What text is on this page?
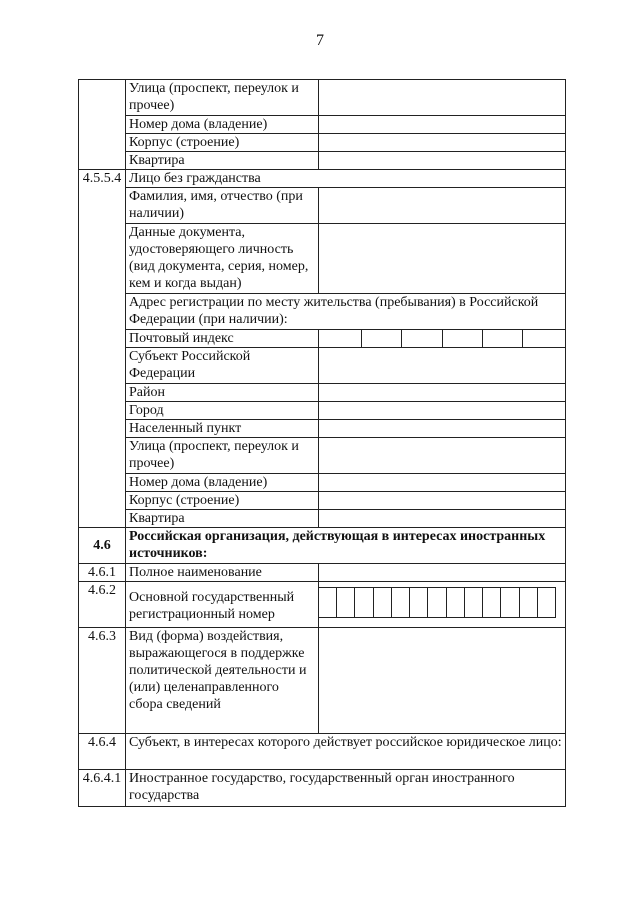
7
	Улица (проспект, переулок и прочее)	
	Номер дома (владение)	
	Корпус (строение)	
	Квартира	
4.5.5.4	Лицо без гражданства	
	Фамилия, имя, отчество (при наличии)	
	Данные документа, удостоверяющего личность (вид документа, серия, номер, кем и когда выдан)	
	Адрес регистрации по месту жительства (пребывания) в Российской Федерации (при наличии):	
	Почтовый индекс	

	Субъект Российской Федерации	
	Район	
	Город	
	Населенный пункт	
	Улица (проспект, переулок и прочее)	
	Номер дома (владение)	
	Корпус (строение)	
	Квартира	
4.6	Российская организация, действующая в интересах иностранных источников:	
4.6.1	Полное наименование	
4.6.2	Основной государственный регистрационный номер	

4.6.3	Вид (форма) воздействия, выражающегося в поддержке политической деятельности и (или) целенаправленного сбора сведений	
4.6.4	Субъект, в интересах которого действует российское юридическое лицо:	
4.6.4.1	Иностранное государство, государственный орган иностранного государства	
